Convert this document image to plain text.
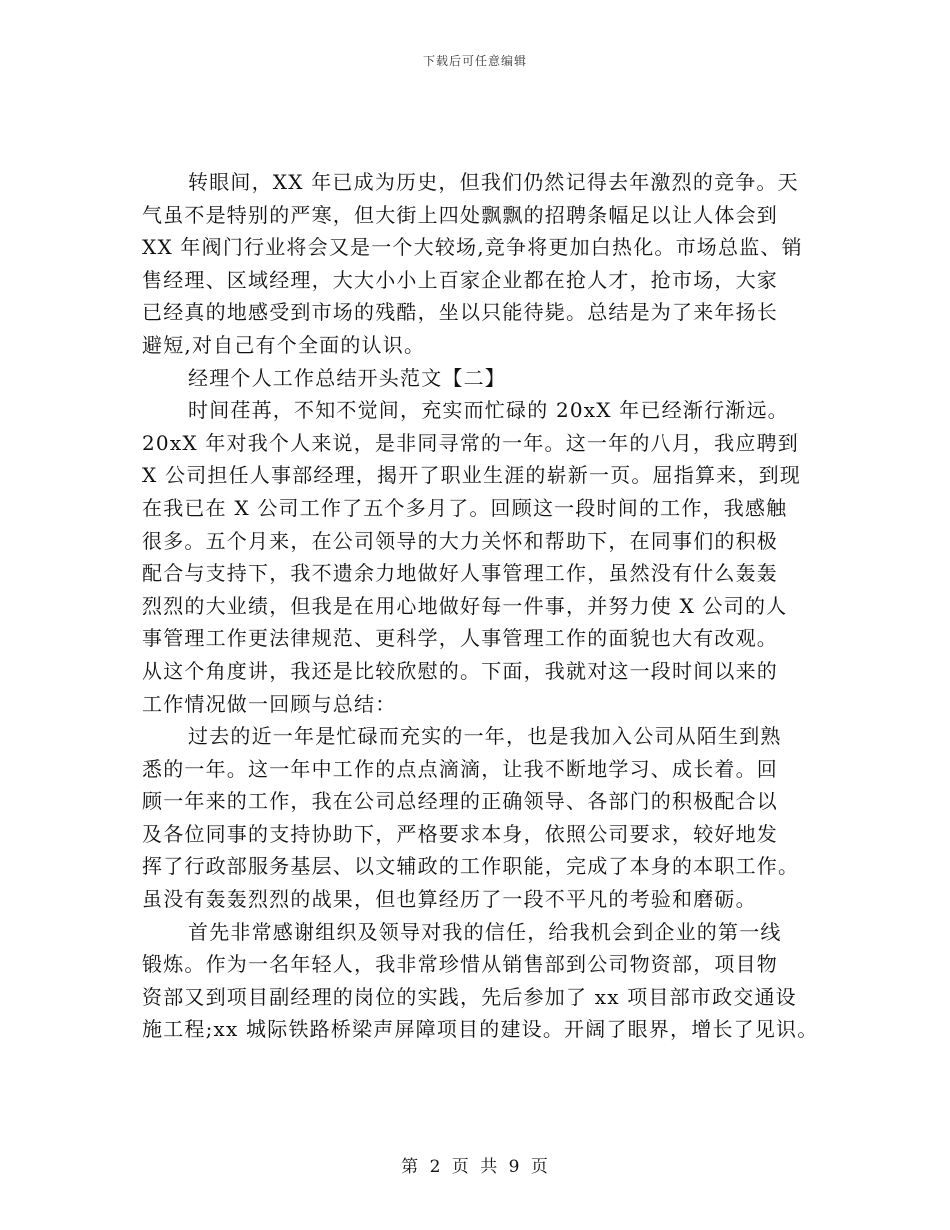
下载后可任意编辑
转眼间，XX 年已成为历史，但我们仍然记得去年激烈的竞争。天
气虽不是特别的严寒，但大街上四处飘飘的招聘条幅足以让人体会到
XX 年阀门行业将会又是一个大较场,竞争将更加白热化。市场总监、销
售经理、区域经理，大大小小上百家企业都在抢人才，抢市场，大家
已经真的地感受到市场的残酷，坐以只能待毙。总结是为了来年扬长
避短,对自己有个全面的认识。
经理个人工作总结开头范文【二】
时间荏苒，不知不觉间，充实而忙碌的 20xX 年已经渐行渐远。
20xX 年对我个人来说，是非同寻常的一年。这一年的八月，我应聘到
X 公司担任人事部经理，揭开了职业生涯的崭新一页。屈指算来，到现
在我已在 X 公司工作了五个多月了。回顾这一段时间的工作，我感触
很多。五个月来，在公司领导的大力关怀和帮助下，在同事们的积极
配合与支持下，我不遗余力地做好人事管理工作，虽然没有什么轰轰
烈烈的大业绩，但我是在用心地做好每一件事，并努力使 X 公司的人
事管理工作更法律规范、更科学，人事管理工作的面貌也大有改观。
从这个角度讲，我还是比较欣慰的。下面，我就对这一段时间以来的
工作情况做一回顾与总结：
过去的近一年是忙碌而充实的一年，也是我加入公司从陌生到熟
悉的一年。这一年中工作的点点滴滴，让我不断地学习、成长着。回
顾一年来的工作，我在公司总经理的正确领导、各部门的积极配合以
及各位同事的支持协助下，严格要求本身，依照公司要求，较好地发
挥了行政部服务基层、以文辅政的工作职能，完成了本身的本职工作。
虽没有轰轰烈烈的战果，但也算经历了一段不平凡的考验和磨砺。
首先非常感谢组织及领导对我的信任，给我机会到企业的第一线
锻炼。作为一名年轻人，我非常珍惜从销售部到公司物资部，项目物
资部又到项目副经理的岗位的实践，先后参加了 xx 项目部市政交通设
施工程;xx 城际铁路桥梁声屏障项目的建设。开阔了眼界，增长了见识。
第 2 页 共 9 页
